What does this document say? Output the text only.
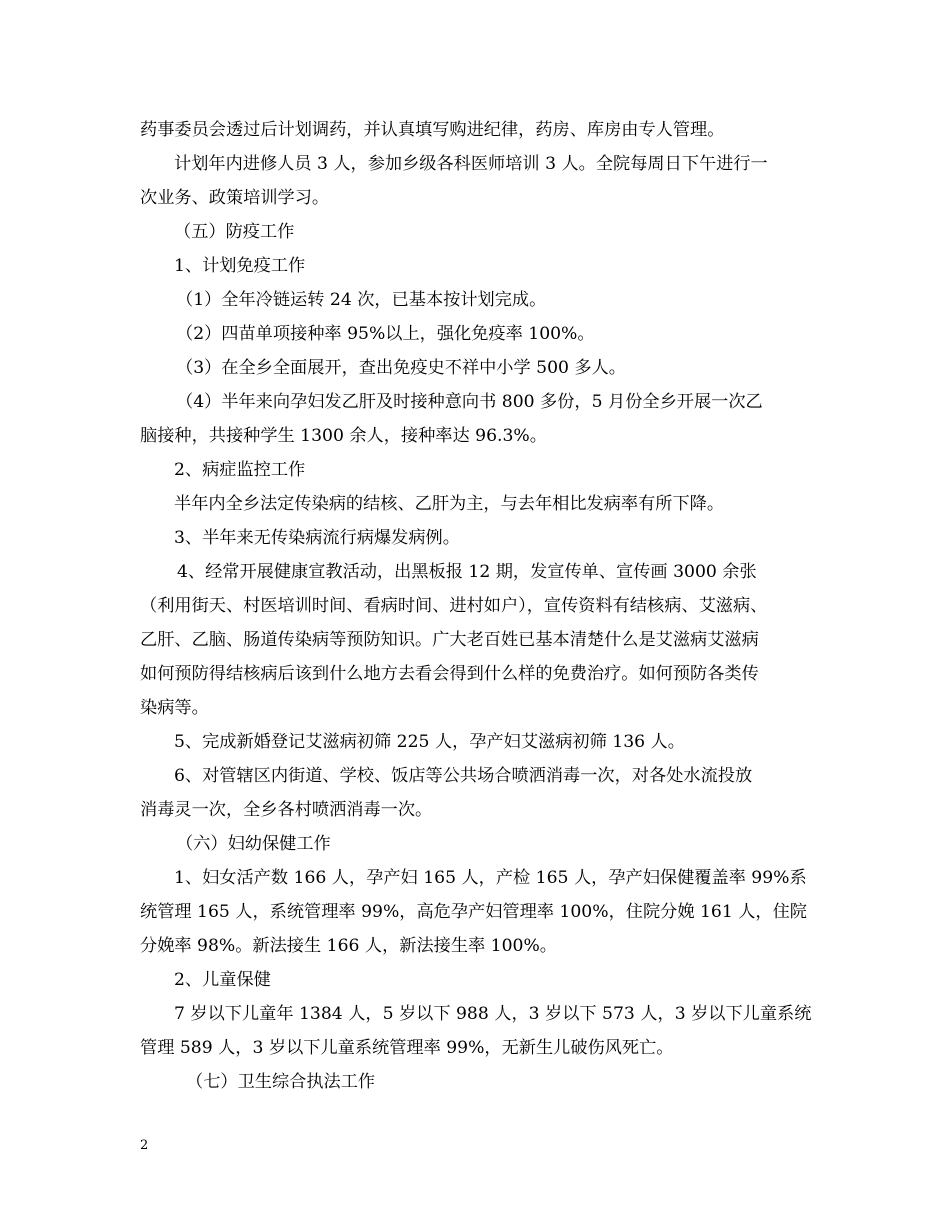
药事委员会透过后计划调药，并认真填写购进纪律，药房、库房由专人管理。
计划年内进修人员 3 人，参加乡级各科医师培训 3 人。全院每周日下午进行一
次业务、政策培训学习。
（五）防疫工作
1、计划免疫工作
（1）全年冷链运转 24 次，已基本按计划完成。
（2）四苗单项接种率 95%以上，强化免疫率 100%。
（3）在全乡全面展开，查出免疫史不祥中小学 500 多人。
（4）半年来向孕妇发乙肝及时接种意向书 800 多份，5 月份全乡开展一次乙
脑接种，共接种学生 1300 余人，接种率达 96.3%。
2、病症监控工作
半年内全乡法定传染病的结核、乙肝为主，与去年相比发病率有所下降。
3、半年来无传染病流行病爆发病例。
4、经常开展健康宣教活动，出黑板报 12 期，发宣传单、宣传画 3000 余张
（利用街天、村医培训时间、看病时间、进村如户），宣传资料有结核病、艾滋病、
乙肝、乙脑、肠道传染病等预防知识。广大老百姓已基本清楚什么是艾滋病艾滋病
如何预防得结核病后该到什么地方去看会得到什么样的免费治疗。如何预防各类传
染病等。
5、完成新婚登记艾滋病初筛 225 人，孕产妇艾滋病初筛 136 人。
6、对管辖区内街道、学校、饭店等公共场合喷洒消毒一次，对各处水流投放
消毒灵一次，全乡各村喷洒消毒一次。
（六）妇幼保健工作
1、妇女活产数 166 人，孕产妇 165 人，产检 165 人，孕产妇保健覆盖率 99%系
统管理 165 人，系统管理率 99%，高危孕产妇管理率 100%，住院分娩 161 人，住院
分娩率 98%。新法接生 166 人，新法接生率 100%。
2、儿童保健
7 岁以下儿童年 1384 人，5 岁以下 988 人，3 岁以下 573 人，3 岁以下儿童系统
管理 589 人，3 岁以下儿童系统管理率 99%，无新生儿破伤风死亡。
（七）卫生综合执法工作
2
